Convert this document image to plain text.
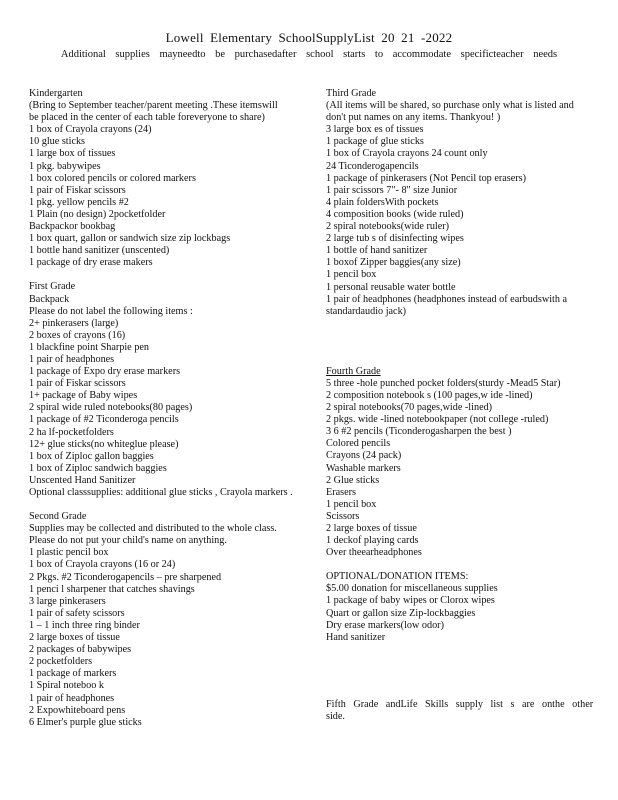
Lowell Elementary SchoolSupplyList 20 21 -2022
Additional supplies mayneedto be purchasedafter school starts to accommodate specificteacher needs
Kindergarten
(Bring to September teacher/parent meeting .These itemswill
be placed in the center of each table foreveryone to share)
1 box of Crayola crayons (24)
10 glue sticks
1 large box of tissues
1 pkg. babywipes
1 box colored pencils or colored markers
1 pair of Fiskar scissors
1 pkg. yellow pencils #2
1 Plain (no design) 2pocketfolder
Backpackor bookbag
1 box quart, gallon or sandwich size zip lockbags
1 bottle hand sanitizer (unscented)
1 package of dry erase makers
First Grade
Backpack
Please do not label the following items :
2+ pinkerasers (large)
2 boxes of crayons (16)
1 blackfine point Sharpie pen
1 pair of headphones
1 package of Expo dry erase markers
1 pair of Fiskar scissors
1+ package of Baby wipes
2 spiral wide ruled notebooks(80 pages)
1 package of #2 Ticonderoga pencils
2 ha lf-pocketfolders
12+ glue sticks(no whiteglue please)
1 box of Ziploc gallon baggies
1 box of Ziploc sandwich baggies
Unscented Hand Sanitizer
Optional classsupplies: additional glue sticks , Crayola markers .
Second Grade
Supplies may be collected and distributed to the whole class.
Please do not put your child's name on anything.
1 plastic pencil box
1 box of Crayola crayons (16 or 24)
2 Pkgs. #2 Ticonderogapencils – pre sharpened
1 penci l sharpener that catches shavings
3 large pinkerasers
1 pair of safety scissors
1 – 1 inch three ring binder
2 large boxes of tissue
2 packages of babywipes
2 pocketfolders
1 package of markers
1 Spiral noteboo k
1 pair of headphones
2 Expowhiteboard pens
6 Elmer's purple glue sticks
Third Grade
(All items will be shared, so purchase only what is listed and
don't put names on any items. Thankyou! )
3 large box es of tissues
1 package of glue sticks
1 box of Crayola crayons 24 count only
24 Ticonderogapencils
1 package of pinkerasers (Not Pencil top erasers)
1 pair scissors 7"- 8" size Junior
4 plain foldersWith pockets
4 composition books (wide ruled)
2 spiral notebooks(wide ruler)
2 large tub s of disinfecting wipes
1 bottle of hand sanitizer
1 boxof Zipper baggies(any size)
1 pencil box
1 personal reusable water bottle
1 pair of headphones (headphones instead of earbudswith a
standardaudio jack)
Fourth Grade
5 three -hole punched pocket folders(sturdy -Mead5 Star)
2 composition notebook s (100 pages,w ide -lined)
2 spiral notebooks(70 pages,wide -lined)
2 pkgs. wide -lined notebookpaper (not college -ruled)
3 6 #2 pencils (Ticonderogasharpen the best )
Colored pencils
Crayons (24 pack)
Washable markers
2 Glue sticks
Erasers
1 pencil box
Scissors
2 large boxes of tissue
1 deckof playing cards
Over theearheadphones
OPTIONAL/DONATION ITEMS:
$5.00 donation for miscellaneous supplies
1 package of baby wipes or Clorox wipes
Quart or gallon size Zip-lockbaggies
Dry erase markers(low odor)
Hand sanitizer
Fifth Grade andLife Skills supply list s are onthe other side.
